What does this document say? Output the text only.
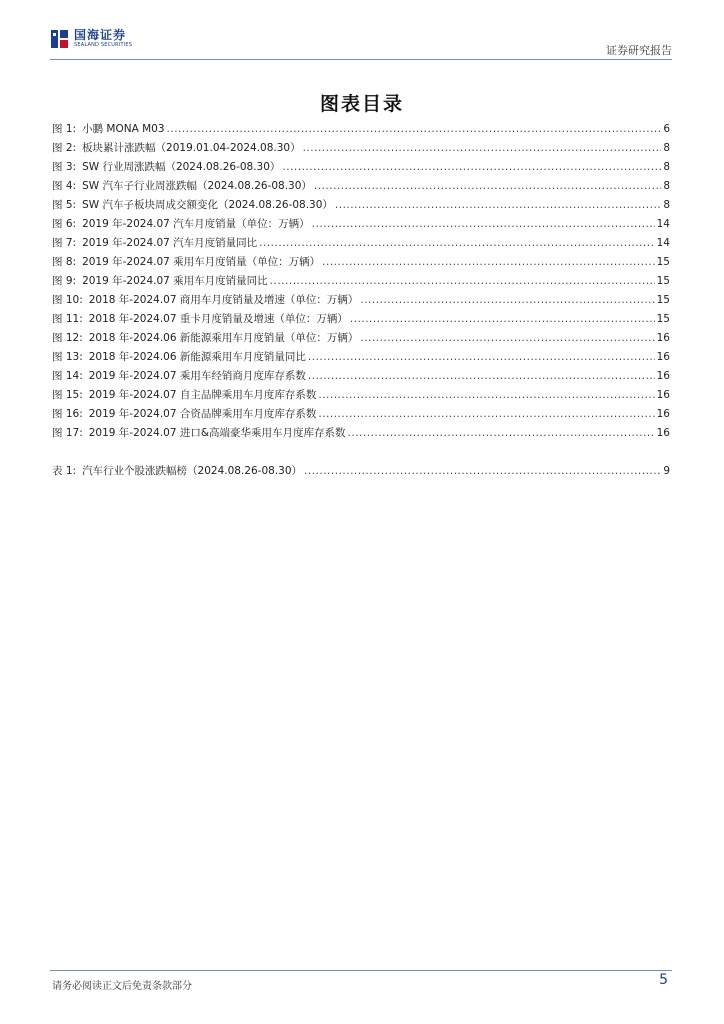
国海证券
SEALAND SECURITIES	证券研究报告
图表目录
图 1: 小鹏 MONA M03 .....	6
图 2: 板块累计涨跌幅（2019.01.04-2024.08.30） .....	8
图 3: SW 行业周涨跌幅（2024.08.26-08.30） .....	8
图 4: SW 汽车子行业周涨跌幅（2024.08.26-08.30） .....	8
图 5: SW 汽车子板块周成交额变化（2024.08.26-08.30） .....	8
图 6: 2019 年-2024.07 汽车月度销量（单位：万辆） .....	14
图 7: 2019 年-2024.07 汽车月度销量同比 .....	14
图 8: 2019 年-2024.07 乘用车月度销量（单位：万辆） .....	15
图 9: 2019 年-2024.07 乘用车月度销量同比 .....	15
图 10: 2018 年-2024.07 商用车月度销量及增速（单位：万辆） .....	15
图 11: 2018 年-2024.07 重卡月度销量及增速（单位：万辆） .....	15
图 12: 2018 年-2024.06 新能源乘用车月度销量（单位：万辆） .....	16
图 13: 2018 年-2024.06 新能源乘用车月度销量同比 .....	16
图 14: 2019 年-2024.07 乘用车经销商月度库存系数 .....	16
图 15: 2019 年-2024.07 自主品牌乘用车月度库存系数 .....	16
图 16: 2019 年-2024.07 合资品牌乘用车月度库存系数 .....	16
图 17: 2019 年-2024.07 进口&高端豪华乘用车月度库存系数 .....	16
表 1: 汽车行业个股涨跌幅榜（2024.08.26-08.30） .....	9
请务必阅读正文后免责条款部分	5
